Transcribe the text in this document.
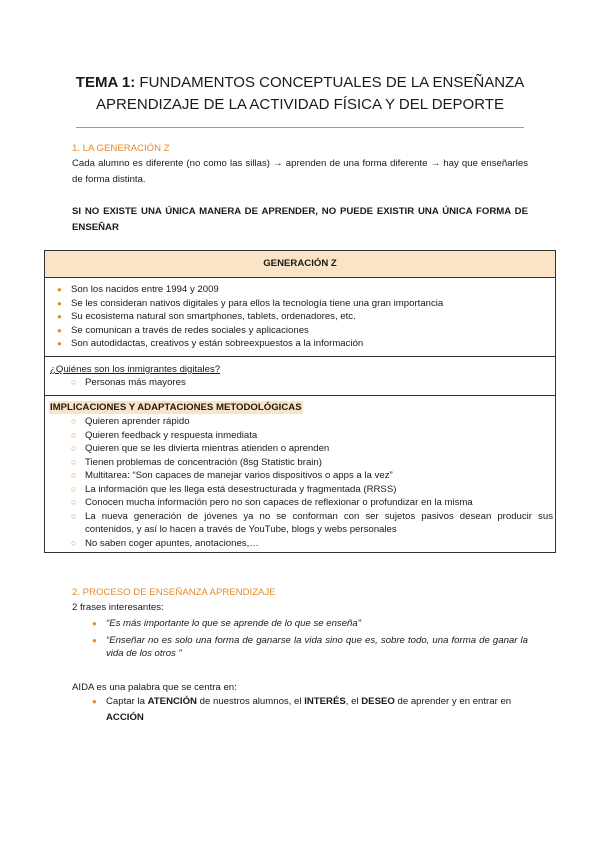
TEMA 1: FUNDAMENTOS CONCEPTUALES DE LA ENSEÑANZA
APRENDIZAJE DE LA ACTIVIDAD FÍSICA Y DEL DEPORTE
1. LA GENERACIÓN Z

Cada alumno es diferente (no como las sillas) → aprenden de una forma diferente → hay que enseñarles de forma distinta.

SI NO EXISTE UNA ÚNICA MANERA DE APRENDER, NO PUEDE EXISTIR UNA ÚNICA FORMA DE ENSEÑAR

GENERACIÓN Z
● Son los nacidos entre 1994 y 2009
● Se les consideran nativos digitales y para ellos la tecnología tiene una gran importancia
● Su ecosistema natural son smartphones, tablets, ordenadores, etc.
● Se comunican a través de redes sociales y aplicaciones
● Son autodidactas, creativos y están sobreexpuestos a la información

¿Quiénes son los inmigrantes digitales?

○ Personas más mayores

IMPLICACIONES Y ADAPTACIONES METODOLÓGICAS

○ Quieren aprender rápido
○ Quieren feedback y respuesta inmediata
○ Quieren que se les divierta mientras atienden o aprenden
○ Tienen problemas de concentración (8sg Statistic brain)
○ Multitarea: “Son capaces de manejar varios dispositivos o apps a la vez”
○ La información que les llega está desestructurada y fragmentada (RRSS)
○ Conocen mucha información pero no son capaces de reflexionar o profundizar en la misma
○ La nueva generación de jóvenes ya no se conforman con ser sujetos pasivos desean producir sus contenidos, y así lo hacen a través de YouTube, blogs y webs personales
○ No saben coger apuntes, anotaciones,…
2. PROCESO DE ENSEÑANZA APRENDIZAJE

2 frases interesantes:

● “Es más importante lo que se aprende de lo que se enseña”
● “Enseñar no es solo una forma de ganarse la vida sino que es, sobre todo, una forma de ganar la vida de los otros ”

AIDA es una palabra que se centra en:

● Captar la ATENCIÓN de nuestros alumnos, el INTERÉS, el DESEO de aprender y en entrar en ACCIÓN
